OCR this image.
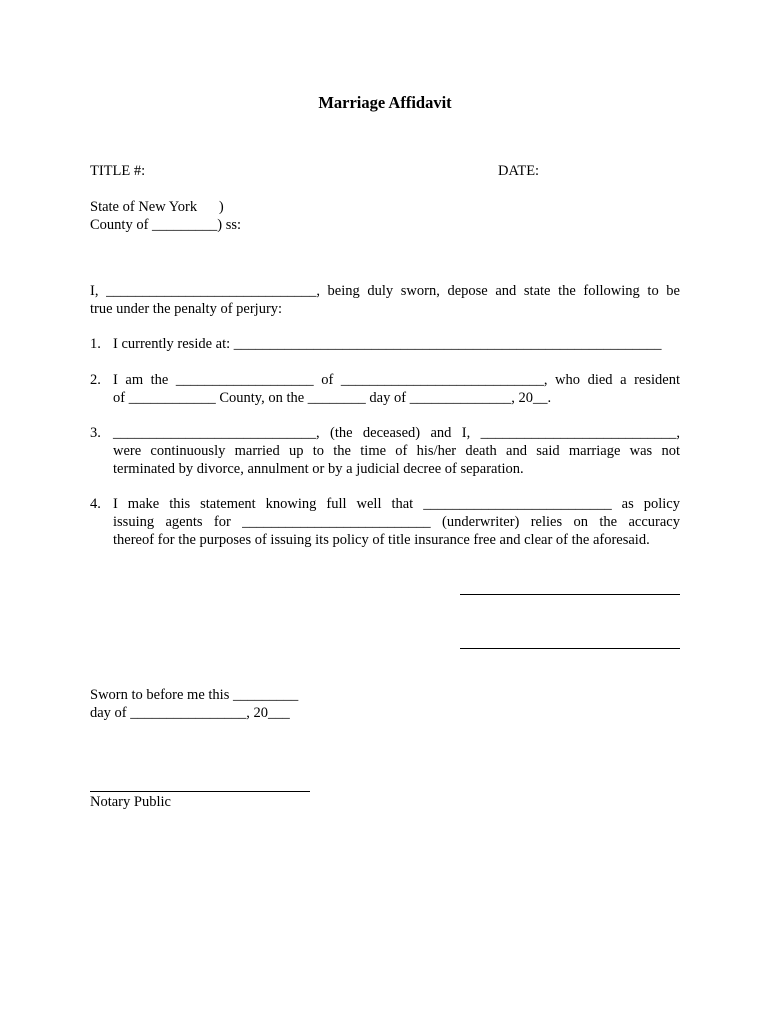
Marriage Affidavit
TITLE #:	DATE:
State of New York      )
County of _________) ss:
I, _____________________________, being duly sworn, depose and state the following to be
true under the penalty of perjury:
1. I currently reside at: ___________________________________________________________
2. I am the ___________________ of ____________________________, who died a resident
of ____________ County, on the ________ day of ______________, 20__.
3. ____________________________, (the deceased) and I, ___________________________,
were continuously married up to the time of his/her death and said marriage was not
terminated by divorce, annulment or by a judicial decree of separation.
4. I make this statement knowing full well that __________________________ as policy
issuing agents for __________________________ (underwriter) relies on the accuracy
thereof for the purposes of issuing its policy of title insurance free and clear of the aforesaid.
Sworn to before me this _________
day of ________________, 20___
Notary Public
